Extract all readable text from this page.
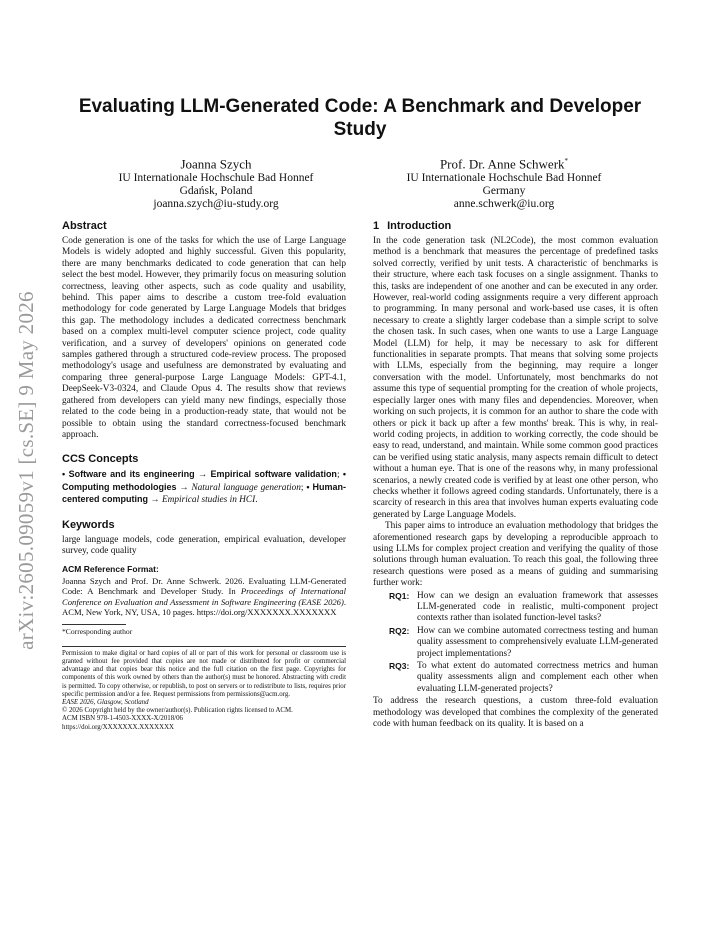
arXiv:2605.09059v1 [cs.SE] 9 May 2026
Evaluating LLM-Generated Code: A Benchmark and Developer Study
Joanna Szych
IU Internationale Hochschule Bad Honnef
Gdańsk, Poland
joanna.szych@iu-study.org
Prof. Dr. Anne Schwerk*
IU Internationale Hochschule Bad Honnef
Germany
anne.schwerk@iu.org
Abstract

Code generation is one of the tasks for which the use of Large Language Models is widely adopted and highly successful. Given this popularity, there are many benchmarks dedicated to code generation that can help select the best model. However, they primarily focus on measuring solution correctness, leaving other aspects, such as code quality and usability, behind. This paper aims to describe a custom tree-fold evaluation methodology for code generated by Large Language Models that bridges this gap. The methodology includes a dedicated correctness benchmark based on a complex multi-level computer science project, code quality verification, and a survey of developers' opinions on generated code samples gathered through a structured code-review process. The proposed methodology's usage and usefulness are demonstrated by evaluating and comparing three general-purpose Large Language Models: GPT-4.1, DeepSeek-V3-0324, and Claude Opus 4. The results show that reviews gathered from developers can yield many new findings, especially those related to the code being in a production-ready state, that would not be possible to obtain using the standard correctness-focused benchmark approach.

CCS Concepts

• Software and its engineering → Empirical software validation; • Computing methodologies → Natural language generation; • Human-centered computing → Empirical studies in HCI.

Keywords

large language models, code generation, empirical evaluation, developer survey, code quality

ACM Reference Format:

Joanna Szych and Prof. Dr. Anne Schwerk. 2026. Evaluating LLM-Generated Code: A Benchmark and Developer Study. In Proceedings of International Conference on Evaluation and Assessment in Software Engineering (EASE 2026). ACM, New York, NY, USA, 10 pages. https://doi.org/XXXXXXX.XXXXXXX

*Corresponding author
Permission to make digital or hard copies of all or part of this work for personal or classroom use is granted without fee provided that copies are not made or distributed for profit or commercial advantage and that copies bear this notice and the full citation on the first page. Copyrights for components of this work owned by others than the author(s) must be honored. Abstracting with credit is permitted. To copy otherwise, or republish, to post on servers or to redistribute to lists, requires prior specific permission and/or a fee. Request permissions from permissions@acm.org.
EASE 2026, Glasgow, Scotland
© 2026 Copyright held by the owner/author(s). Publication rights licensed to ACM.
ACM ISBN 978-1-4503-XXXX-X/2018/06
https://doi.org/XXXXXXX.XXXXXXX
1 Introduction

In the code generation task (NL2Code), the most common evaluation method is a benchmark that measures the percentage of predefined tasks solved correctly, verified by unit tests. A characteristic of benchmarks is their structure, where each task focuses on a single assignment. Thanks to this, tasks are independent of one another and can be executed in any order. However, real-world coding assignments require a very different approach to programming. In many personal and work-based use cases, it is often necessary to create a slightly larger codebase than a simple script to solve the chosen task. In such cases, when one wants to use a Large Language Model (LLM) for help, it may be necessary to ask for different functionalities in separate prompts. That means that solving some projects with LLMs, especially from the beginning, may require a longer conversation with the model. Unfortunately, most benchmarks do not assume this type of sequential prompting for the creation of whole projects, especially larger ones with many files and dependencies. Moreover, when working on such projects, it is common for an author to share the code with others or pick it back up after a few months' break. This is why, in real-world coding projects, in addition to working correctly, the code should be easy to read, understand, and maintain. While some common good practices can be verified using static analysis, many aspects remain difficult to detect without a human eye. That is one of the reasons why, in many professional scenarios, a newly created code is verified by at least one other person, who checks whether it follows agreed coding standards. Unfortunately, there is a scarcity of research in this area that involves human experts evaluating code generated by Large Language Models.

This paper aims to introduce an evaluation methodology that bridges the aforementioned research gaps by developing a reproducible approach to using LLMs for complex project creation and verifying the quality of those solutions through human evaluation. To reach this goal, the following three research questions were posed as a means of guiding and summarising further work:

RQ1: How can we design an evaluation framework that assesses LLM-generated code in realistic, multi-component project contexts rather than isolated function-level tasks?
RQ2: How can we combine automated correctness testing and human quality assessment to comprehensively evaluate LLM-generated project implementations?
RQ3: To what extent do automated correctness metrics and human quality assessments align and complement each other when evaluating LLM-generated projects?

To address the research questions, a custom three-fold evaluation methodology was developed that combines the complexity of the generated code with human feedback on its quality. It is based on a
